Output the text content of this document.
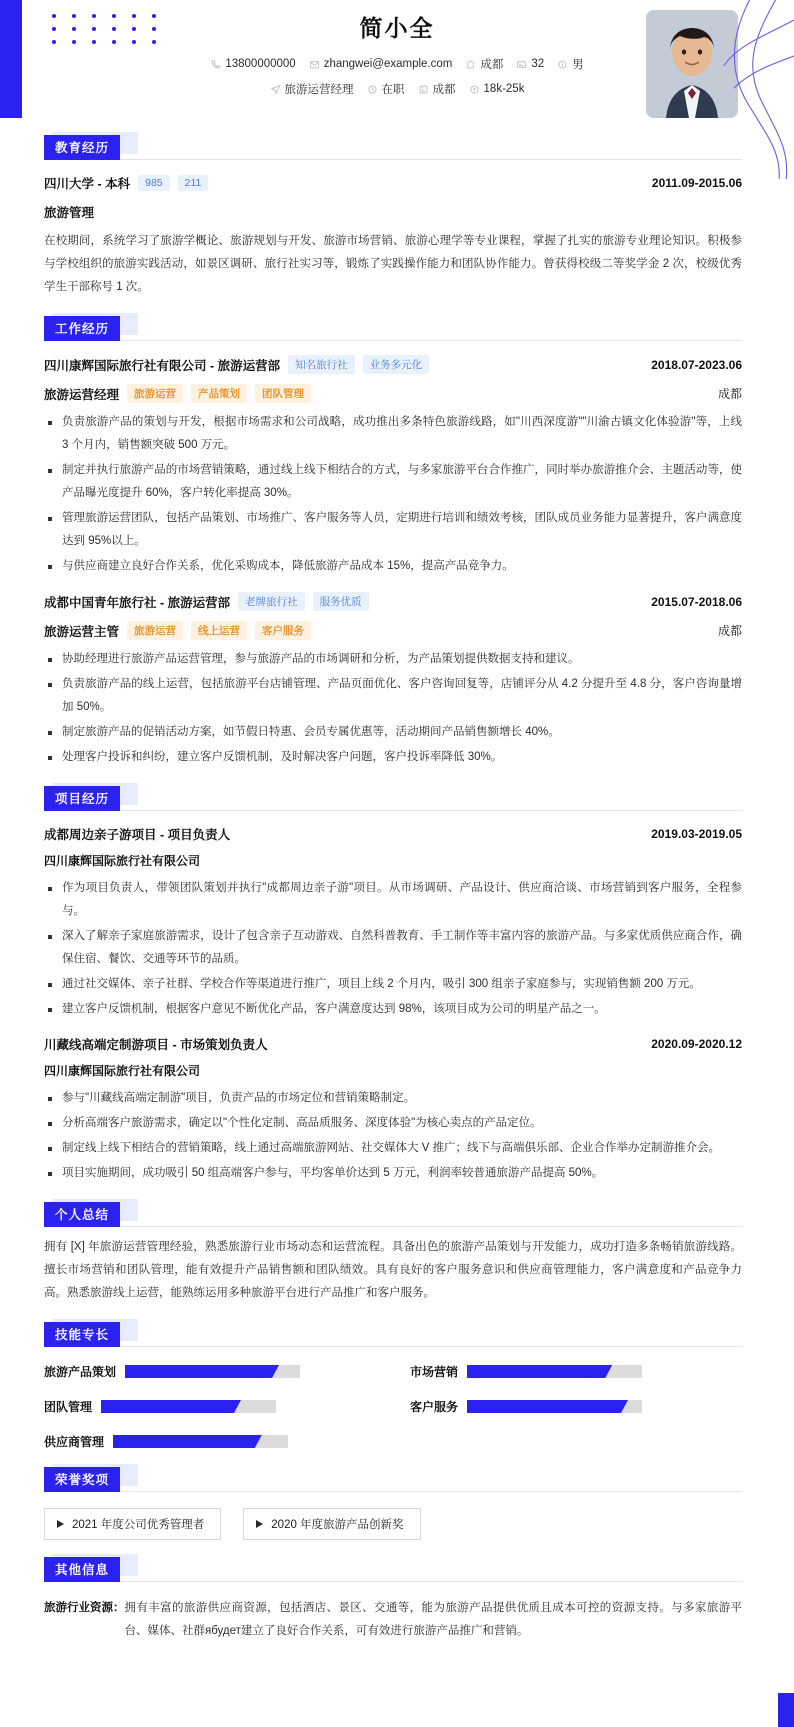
简小全
13800000000 zhangwei@example.com 成都 32 男
旅游运营经理 在职 成都 18k-25k
教育经历
四川大学 - 本科	985	211	2011.09-2015.06
旅游管理
在校期间，系统学习了旅游学概论、旅游规划与开发、旅游市场营销、旅游心理学等专业课程，掌握了扎实的旅游专业理论知识。积极参与学校组织的旅游实践活动，如景区调研、旅行社实习等，锻炼了实践操作能力和团队协作能力。曾获得校级二等奖学金 2 次，校级优秀学生干部称号 1 次。
工作经历
四川康辉国际旅行社有限公司 - 旅游运营部	知名旅行社	业务多元化	2018.07-2023.06
旅游运营经理	旅游运营	产品策划	团队管理	成都
负责旅游产品的策划与开发，根据市场需求和公司战略，成功推出多条特色旅游线路，如"川西深度游""川渝古镇文化体验游"等，上线 3 个月内，销售额突破 500 万元。
制定并执行旅游产品的市场营销策略，通过线上线下相结合的方式，与多家旅游平台合作推广，同时举办旅游推介会、主题活动等，使产品曝光度提升 60%，客户转化率提高 30%。
管理旅游运营团队，包括产品策划、市场推广、客户服务等人员，定期进行培训和绩效考核，团队成员业务能力显著提升，客户满意度达到 95%以上。
与供应商建立良好合作关系，优化采购成本，降低旅游产品成本 15%，提高产品竞争力。
成都中国青年旅行社 - 旅游运营部	老牌旅行社	服务优质	2015.07-2018.06
旅游运营主管	旅游运营	线上运营	客户服务	成都
协助经理进行旅游产品运营管理，参与旅游产品的市场调研和分析，为产品策划提供数据支持和建议。
负责旅游产品的线上运营，包括旅游平台店铺管理、产品页面优化、客户咨询回复等，店铺评分从 4.2 分提升至 4.8 分，客户咨询量增加 50%。
制定旅游产品的促销活动方案，如节假日特惠、会员专属优惠等，活动期间产品销售额增长 40%。
处理客户投诉和纠纷，建立客户反馈机制，及时解决客户问题，客户投诉率降低 30%。
项目经历
成都周边亲子游项目 - 项目负责人	2019.03-2019.05
四川康辉国际旅行社有限公司
作为项目负责人，带领团队策划并执行"成都周边亲子游"项目。从市场调研、产品设计、供应商洽谈、市场营销到客户服务，全程参与。
深入了解亲子家庭旅游需求，设计了包含亲子互动游戏、自然科普教育、手工制作等丰富内容的旅游产品。与多家优质供应商合作，确保住宿、餐饮、交通等环节的品质。
通过社交媒体、亲子社群、学校合作等渠道进行推广，项目上线 2 个月内，吸引 300 组亲子家庭参与，实现销售额 200 万元。
建立客户反馈机制，根据客户意见不断优化产品，客户满意度达到 98%，该项目成为公司的明星产品之一。
川藏线高端定制游项目 - 市场策划负责人	2020.09-2020.12
四川康辉国际旅行社有限公司
参与"川藏线高端定制游"项目，负责产品的市场定位和营销策略制定。
分析高端客户旅游需求，确定以"个性化定制、高品质服务、深度体验"为核心卖点的产品定位。
制定线上线下相结合的营销策略，线上通过高端旅游网站、社交媒体大 V 推广；线下与高端俱乐部、企业合作举办定制游推介会。
项目实施期间，成功吸引 50 组高端客户参与，平均客单价达到 5 万元，利润率较普通旅游产品提高 50%。
个人总结
拥有 [X] 年旅游运营管理经验，熟悉旅游行业市场动态和运营流程。具备出色的旅游产品策划与开发能力，成功打造多条畅销旅游线路。擅长市场营销和团队管理，能有效提升产品销售额和团队绩效。具有良好的客户服务意识和供应商管理能力，客户满意度和产品竞争力高。熟悉旅游线上运营，能熟练运用多种旅游平台进行产品推广和客户服务。
技能专长
旅游产品策划	市场营销
团队管理	客户服务
供应商管理
荣誉奖项
2021 年度公司优秀管理者	2020 年度旅游产品创新奖
其他信息
旅游行业资源： 拥有丰富的旅游供应商资源，包括酒店、景区、交通等，能为旅游产品提供优质且成本可控的资源支持。与多家旅游平台、媒体、社群ябудет建立了良好合作关系，可有效进行旅游产品推广和营销。
